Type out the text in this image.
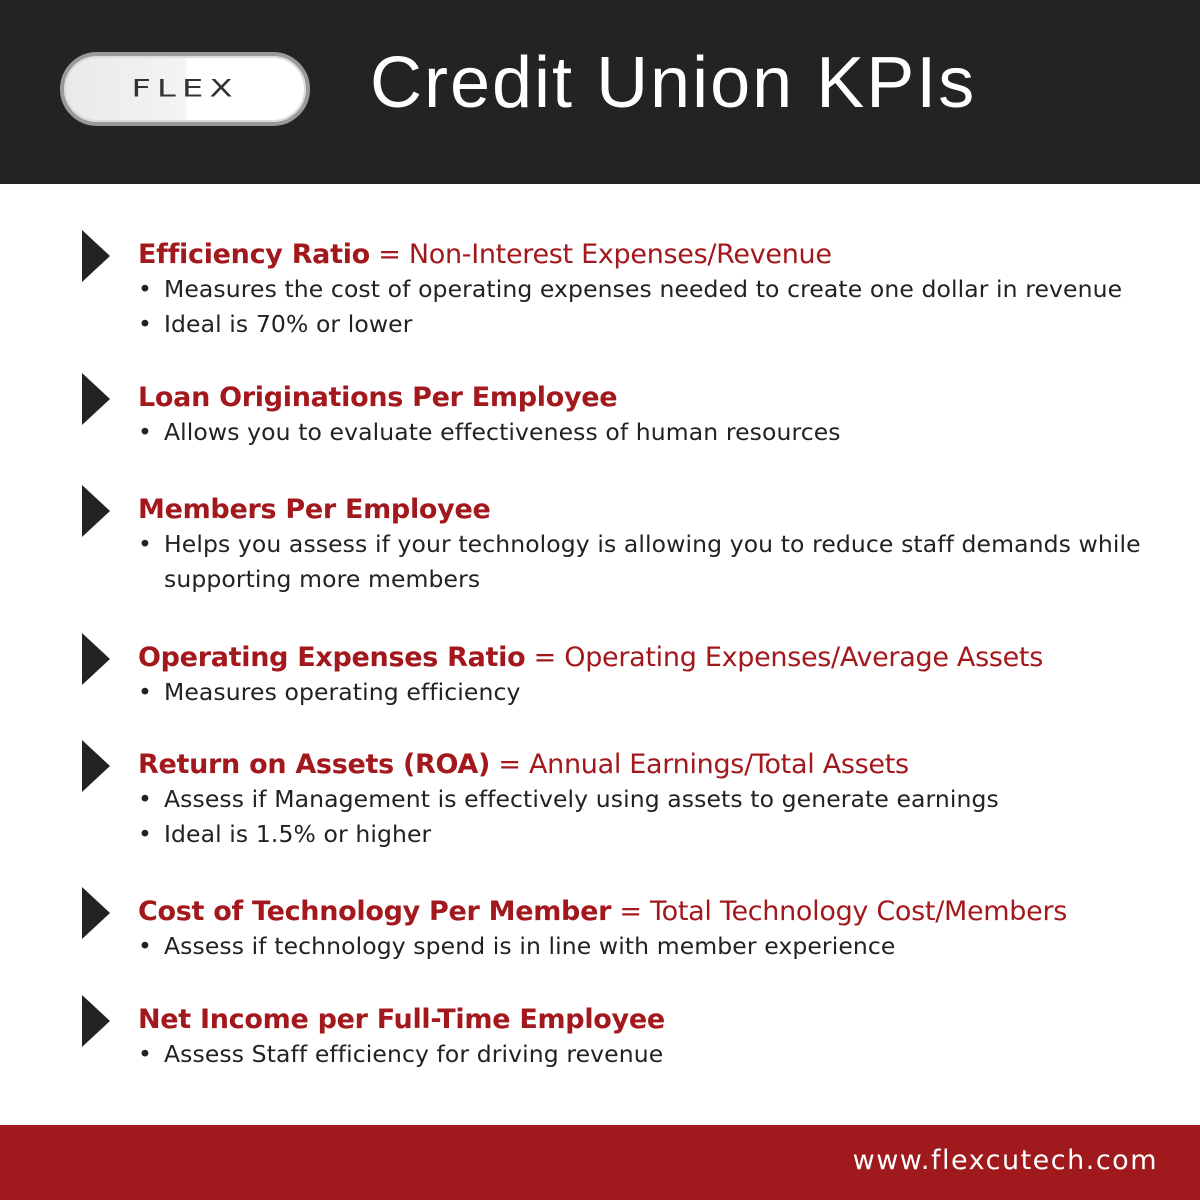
FLEX Credit Union KPIs
Efficiency Ratio = Non-Interest Expenses/Revenue
• Measures the cost of operating expenses needed to create one dollar in revenue
• Ideal is 70% or lower
Loan Originations Per Employee
• Allows you to evaluate effectiveness of human resources
Members Per Employee
• Helps you assess if your technology is allowing you to reduce staff demands while supporting more members
Operating Expenses Ratio = Operating Expenses/Average Assets
• Measures operating efficiency
Return on Assets (ROA) = Annual Earnings/Total Assets
• Assess if Management is effectively using assets to generate earnings
• Ideal is 1.5% or higher
Cost of Technology Per Member = Total Technology Cost/Members
• Assess if technology spend is in line with member experience
Net Income per Full-Time Employee
• Assess Staff efficiency for driving revenue
www.flexcutech.com
